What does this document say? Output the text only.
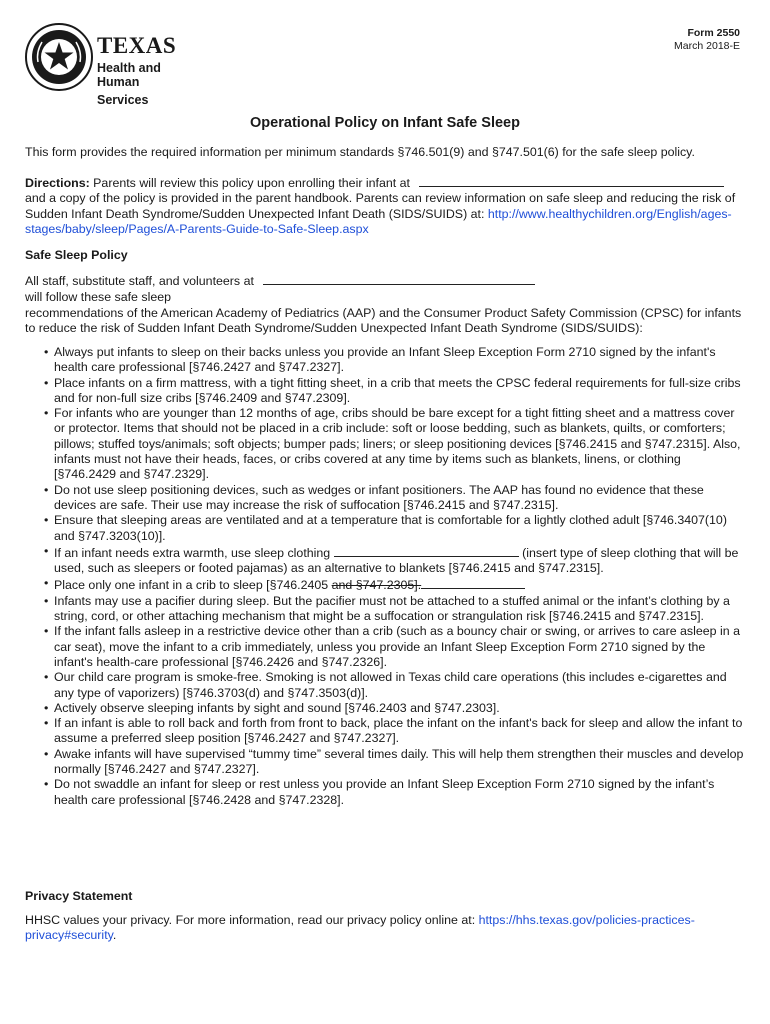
TEXAS
Health and Human
Services
Form 2550
March 2018-E
Operational Policy on Infant Safe Sleep

This form provides the required information per minimum standards §746.501(9) and §747.501(6) for the safe sleep policy.

Directions: Parents will review this policy upon enrolling their infant at
and a copy of the policy is provided in the parent handbook. Parents can review information on safe sleep and reducing the risk of Sudden Infant Death Syndrome/Sudden Unexpected Infant Death (SIDS/SUIDS) at: http://www.healthychildren.org/English/ages-stages/baby/sleep/Pages/A-Parents-Guide-to-Safe-Sleep.aspx

Safe Sleep Policy

All staff, substitute staff, and volunteers at

will follow these safe sleep

recommendations of the American Academy of Pediatrics (AAP) and the Consumer Product Safety Commission (CPSC) for infants to reduce the risk of Sudden Infant Death Syndrome/Sudden Unexpected Infant Death Syndrome (SIDS/SUIDS):

• Always put infants to sleep on their backs unless you provide an Infant Sleep Exception Form 2710 signed by the infant's health care professional [§746.2427 and §747.2327].
• Place infants on a firm mattress, with a tight fitting sheet, in a crib that meets the CPSC federal requirements for full-size cribs and for non-full size cribs [§746.2409 and §747.2309].
• For infants who are younger than 12 months of age, cribs should be bare except for a tight fitting sheet and a mattress cover or protector. Items that should not be placed in a crib include: soft or loose bedding, such as blankets, quilts, or comforters; pillows; stuffed toys/animals; soft objects; bumper pads; liners; or sleep positioning devices [§746.2415 and §747.2315]. Also, infants must not have their heads, faces, or cribs covered at any time by items such as blankets, linens, or clothing [§746.2429 and §747.2329].
• Do not use sleep positioning devices, such as wedges or infant positioners. The AAP has found no evidence that these devices are safe. Their use may increase the risk of suffocation [§746.2415 and §747.2315].
• Ensure that sleeping areas are ventilated and at a temperature that is comfortable for a lightly clothed adult [§746.3407(10) and §747.3203(10)].
• If an infant needs extra warmth, use sleep clothing	(insert type of sleep clothing that will be used, such as sleepers or footed pajamas) as an alternative to blankets [§746.2415 and §747.2315].
• Place only one infant in a crib to sleep [§746.2405 and §747.2305].
• Infants may use a pacifier during sleep. But the pacifier must not be attached to a stuffed animal or the infant’s clothing by a string, cord, or other attaching mechanism that might be a suffocation or strangulation risk [§746.2415 and §747.2315].
• If the infant falls asleep in a restrictive device other than a crib (such as a bouncy chair or swing, or arrives to care asleep in a car seat), move the infant to a crib immediately, unless you provide an Infant Sleep Exception Form 2710 signed by the infant's health-care professional [§746.2426 and §747.2326].
• Our child care program is smoke-free. Smoking is not allowed in Texas child care operations (this includes e-cigarettes and any type of vaporizers) [§746.3703(d) and §747.3503(d)].
• Actively observe sleeping infants by sight and sound [§746.2403 and §747.2303].
• If an infant is able to roll back and forth from front to back, place the infant on the infant's back for sleep and allow the infant to assume a preferred sleep position [§746.2427 and §747.2327].
• Awake infants will have supervised “tummy time” several times daily. This will help them strengthen their muscles and develop normally [§746.2427 and §747.2327].
• Do not swaddle an infant for sleep or rest unless you provide an Infant Sleep Exception Form 2710 signed by the infant’s health care professional [§746.2428 and §747.2328].
Privacy Statement

HHSC values your privacy. For more information, read our privacy policy online at: https://hhs.texas.gov/policies-practices-privacy#security.
